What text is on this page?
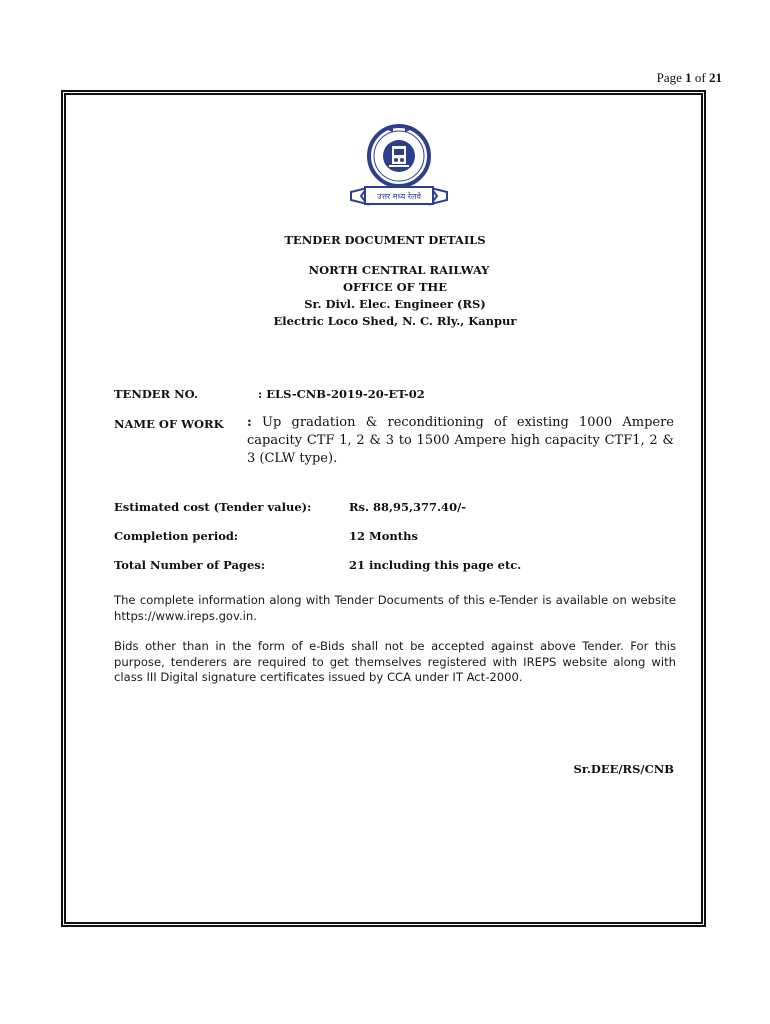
Page 1 of 21
उत्तर मध्य रेलवे
TENDER DOCUMENT DETAILS
NORTH CENTRAL RAILWAY
OFFICE OF THE
Sr. Divl. Elec. Engineer (RS)
Electric Loco Shed, N. C. Rly., Kanpur
TENDER NO.	: ELS-CNB-2019-20-ET-02
NAME OF WORK : Up gradation & reconditioning of existing 1000 Ampere capacity CTF 1, 2 & 3 to 1500 Ampere high capacity CTF1, 2 & 3 (CLW type).
Estimated cost (Tender value):	Rs. 88,95,377.40/-
Completion period:	12 Months
Total Number of Pages:	21 including this page etc.
The complete information along with Tender Documents of this e-Tender is available on website https://www.ireps.gov.in.
Bids other than in the form of e-Bids shall not be accepted against above Tender. For this purpose, tenderers are required to get themselves registered with IREPS website along with class III Digital signature certificates issued by CCA under IT Act-2000.
Sr.DEE/RS/CNB
